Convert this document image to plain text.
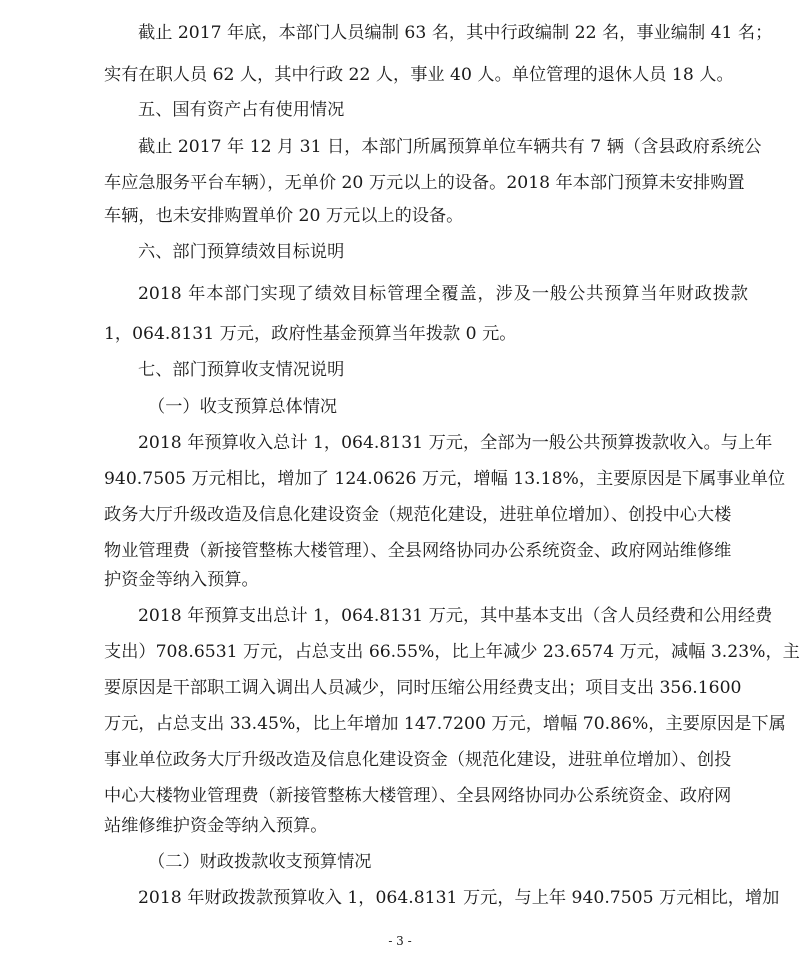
截止 2017 年底，本部门人员编制 63 名，其中行政编制 22 名，事业编制 41 名；
实有在职人员 62 人，其中行政 22 人，事业 40 人。单位管理的退休人员 18 人。
五、国有资产占有使用情况
截止 2017 年 12 月 31 日，本部门所属预算单位车辆共有 7 辆（含县政府系统公
车应急服务平台车辆），无单价 20 万元以上的设备。2018 年本部门预算未安排购置
车辆，也未安排购置单价 20 万元以上的设备。
六、部门预算绩效目标说明
2018 年本部门实现了绩效目标管理全覆盖，涉及一般公共预算当年财政拨款
1，064.8131 万元，政府性基金预算当年拨款 0 元。
七、部门预算收支情况说明
（一）收支预算总体情况
2018 年预算收入总计 1，064.8131 万元，全部为一般公共预算拨款收入。与上年
940.7505 万元相比，增加了 124.0626 万元，增幅 13.18%，主要原因是下属事业单位
政务大厅升级改造及信息化建设资金（规范化建设，进驻单位增加）、创投中心大楼
物业管理费（新接管整栋大楼管理）、全县网络协同办公系统资金、政府网站维修维
护资金等纳入预算。
2018 年预算支出总计 1，064.8131 万元，其中基本支出（含人员经费和公用经费
支出）708.6531 万元，占总支出 66.55%，比上年减少 23.6574 万元，减幅 3.23%，主
要原因是干部职工调入调出人员减少，同时压缩公用经费支出；项目支出 356.1600
万元，占总支出 33.45%，比上年增加 147.7200 万元，增幅 70.86%，主要原因是下属
事业单位政务大厅升级改造及信息化建设资金（规范化建设，进驻单位增加）、创投
中心大楼物业管理费（新接管整栋大楼管理）、全县网络协同办公系统资金、政府网
站维修维护资金等纳入预算。
（二）财政拨款收支预算情况
2018 年财政拨款预算收入 1，064.8131 万元，与上年 940.7505 万元相比，增加
- 3 -
